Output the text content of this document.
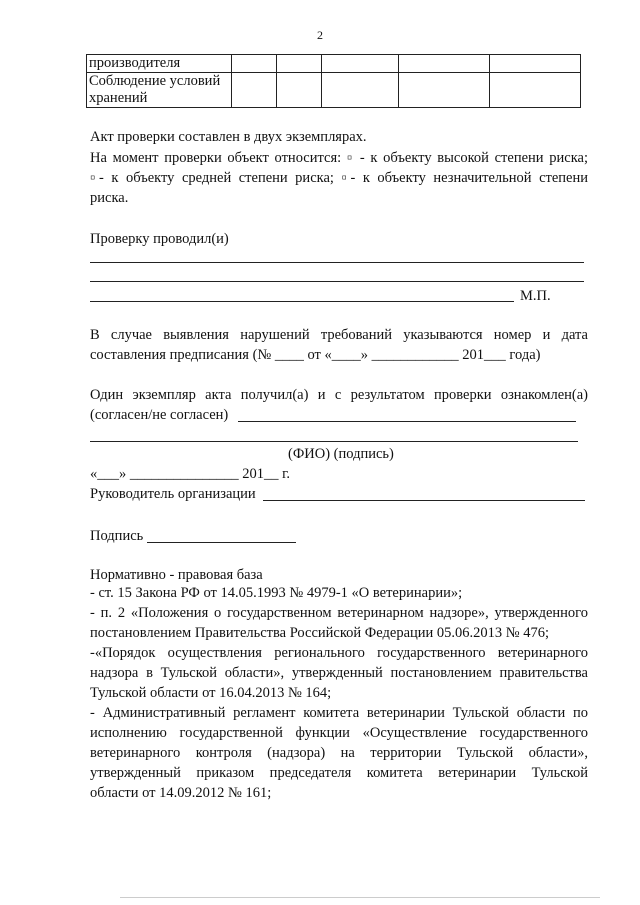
2
производителя					

Соблюдение условий
хранений					

Акт проверки составлен в двух экземплярах.
На момент проверки объект относится: ▫ - к объекту высокой степени риска;
▫- к объекту средней степени риска; ▫- к объекту незначительной степени
риска.
Проверку проводил(и)
М.П.
В случае выявления нарушений требований указываются номер и дата
составления предписания (№ ____ от «____» ____________ 201___ года)
Один экземпляр акта получил(а) и с результатом проверки ознакомлен(а)
(согласен/не согласен)
(ФИО) (подпись)
«___» _______________ 201__ г.
Руководитель организации
Подпись
Нормативно - правовая база
- ст. 15 Закона РФ от 14.05.1993 № 4979-1 «О ветеринарии»;
- п. 2 «Положения о государственном ветеринарном надзоре», утвержденного
постановлением Правительства Российской Федерации 05.06.2013 № 476;
-«Порядок осуществления регионального государственного ветеринарного
надзора в Тульской области», утвержденный постановлением правительства
Тульской области от 16.04.2013 № 164;
- Административный регламент комитета ветеринарии Тульской области по
исполнению государственной функции «Осуществление государственного
ветеринарного контроля (надзора) на территории Тульской области»,
утвержденный приказом председателя комитета ветеринарии Тульской
области от 14.09.2012 № 161;
